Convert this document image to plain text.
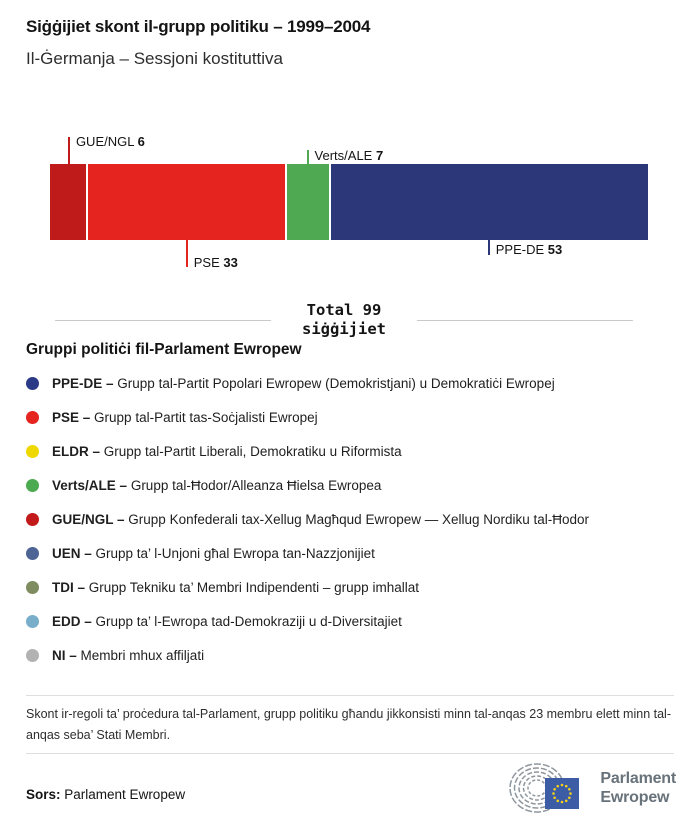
Siġġijiet skont il-grupp politiku – 1999–2004
Il-Ġermanja – Sessjoni kostituttiva
GUE/NGL 6
Verts/ALE 7
PSE 33
PPE-DE 53
Total 99
siġġijiet
Gruppi politiċi fil-Parlament Ewropew
PPE-DE – Grupp tal-Partit Popolari Ewropew (Demokristjani) u Demokratiċi Ewropej
PSE – Grupp tal-Partit tas-Soċjalisti Ewropej
ELDR – Grupp tal-Partit Liberali, Demokratiku u Riformista
Verts/ALE – Grupp tal-Ħodor/Alleanza Ħielsa Ewropea
GUE/NGL – Grupp Konfederali tax-Xellug Magħqud Ewropew — Xellug Nordiku tal-Ħodor
UEN – Grupp ta’ l-Unjoni għal Ewropa tan-Nazzjonijiet
TDI – Grupp Tekniku ta’ Membri Indipendenti – grupp imhallat
EDD – Grupp ta’ l-Ewropa tad-Demokraziji u d-Diversitajiet
NI – Membri mhux affiljati
Skont ir-regoli ta’ proċedura tal-Parlament, grupp politiku għandu jikkonsisti minn tal-anqas 23 membru elett minn tal-anqas seba’ Stati Membri.
Sors: Parlament Ewropew
Parlament
Ewropew
